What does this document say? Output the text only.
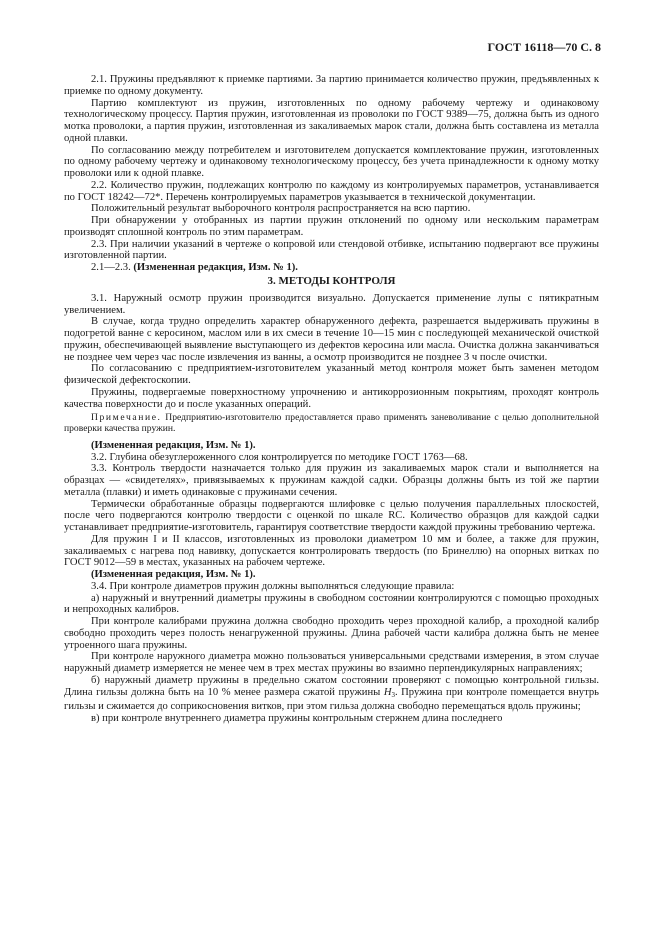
ГОСТ 16118—70 С. 8

2.1. Пружины предъявляют к приемке партиями. За партию принимается количество пружин, предъявленных к приемке по одному документу.

Партию комплектуют из пружин, изготовленных по одному рабочему чертежу и одинаковому технологическому процессу. Партия пружин, изготовленная из проволоки по ГОСТ 9389—75, должна быть из одного мотка проволоки, а партия пружин, изготовленная из закаливаемых марок стали, должна быть составлена из металла одной плавки.

По согласованию между потребителем и изготовителем допускается комплектование пружин, изготовленных по одному рабочему чертежу и одинаковому технологическому процессу, без учета принадлежности к одному мотку проволоки или к одной плавке.

2.2. Количество пружин, подлежащих контролю по каждому из контролируемых параметров, устанавливается по ГОСТ 18242—72*. Перечень контролируемых параметров указывается в технической документации.

Положительный результат выборочного контроля распространяется на всю партию.

При обнаружении у отобранных из партии пружин отклонений по одному или нескольким параметрам производят сплошной контроль по этим параметрам.

2.3. При наличии указаний в чертеже о копровой или стендовой отбивке, испытанию подвергают все пружины изготовленной партии.

2.1—2.3. (Измененная редакция, Изм. № 1).

3. МЕТОДЫ КОНТРОЛЯ

3.1. Наружный осмотр пружин производится визуально. Допускается применение лупы с пятикратным увеличением.

В случае, когда трудно определить характер обнаруженного дефекта, разрешается выдерживать пружины в подогретой ванне с керосином, маслом или в их смеси в течение 10—15 мин с последующей механической очисткой пружин, обеспечивающей выявление выступающего из дефектов керосина или масла. Очистка должна заканчиваться не позднее чем через час после извлечения из ванны, а осмотр производится не позднее 3 ч после очистки.

По согласованию с предприятием-изготовителем указанный метод контроля может быть заменен методом физической дефектоскопии.

Пружины, подвергаемые поверхностному упрочнению и антикоррозионным покрытиям, проходят контроль качества поверхности до и после указанных операций.

Примечание. Предприятию-изготовителю предоставляется право применять заневоливание с целью дополнительной проверки качества пружин.

(Измененная редакция, Изм. № 1).

3.2. Глубина обезуглероженного слоя контролируется по методике ГОСТ 1763—68.

3.3. Контроль твердости назначается только для пружин из закаливаемых марок стали и выполняется на образцах — «свидетелях», привязываемых к пружинам каждой садки. Образцы должны быть из той же партии металла (плавки) и иметь одинаковые с пружинами сечения.

Термически обработанные образцы подвергаются шлифовке с целью получения параллельных плоскостей, после чего подвергаются контролю твердости с оценкой по шкале RC. Количество образцов для каждой садки устанавливает предприятие-изготовитель, гарантируя соответствие твердости каждой пружины требованию чертежа.

Для пружин I и II классов, изготовленных из проволоки диаметром 10 мм и более, а также для пружин, закаливаемых с нагрева под навивку, допускается контролировать твердость (по Бринеллю) на опорных витках по ГОСТ 9012—59 в местах, указанных на рабочем чертеже.

(Измененная редакция, Изм. № 1).

3.4. При контроле диаметров пружин должны выполняться следующие правила:

а) наружный и внутренний диаметры пружины в свободном состоянии контролируются с помощью проходных и непроходных калибров.

При контроле калибрами пружина должна свободно проходить через проходной калибр, а проходной калибр свободно проходить через полость ненагруженной пружины. Длина рабочей части калибра должна быть не менее утроенного шага пружины.

При контроле наружного диаметра можно пользоваться универсальными средствами измерения, в этом случае наружный диаметр измеряется не менее чем в трех местах пружины во взаимно перпендикулярных направлениях;

б) наружный диаметр пружины в предельно сжатом состоянии проверяют с помощью контрольной гильзы. Длина гильзы должна быть на 10 % менее размера сжатой пружины H3. Пружина при контроле помещается внутрь гильзы и сжимается до соприкосновения витков, при этом гильза должна свободно перемещаться вдоль пружины;

в) при контроле внутреннего диаметра пружины контрольным стержнем длина последнего
